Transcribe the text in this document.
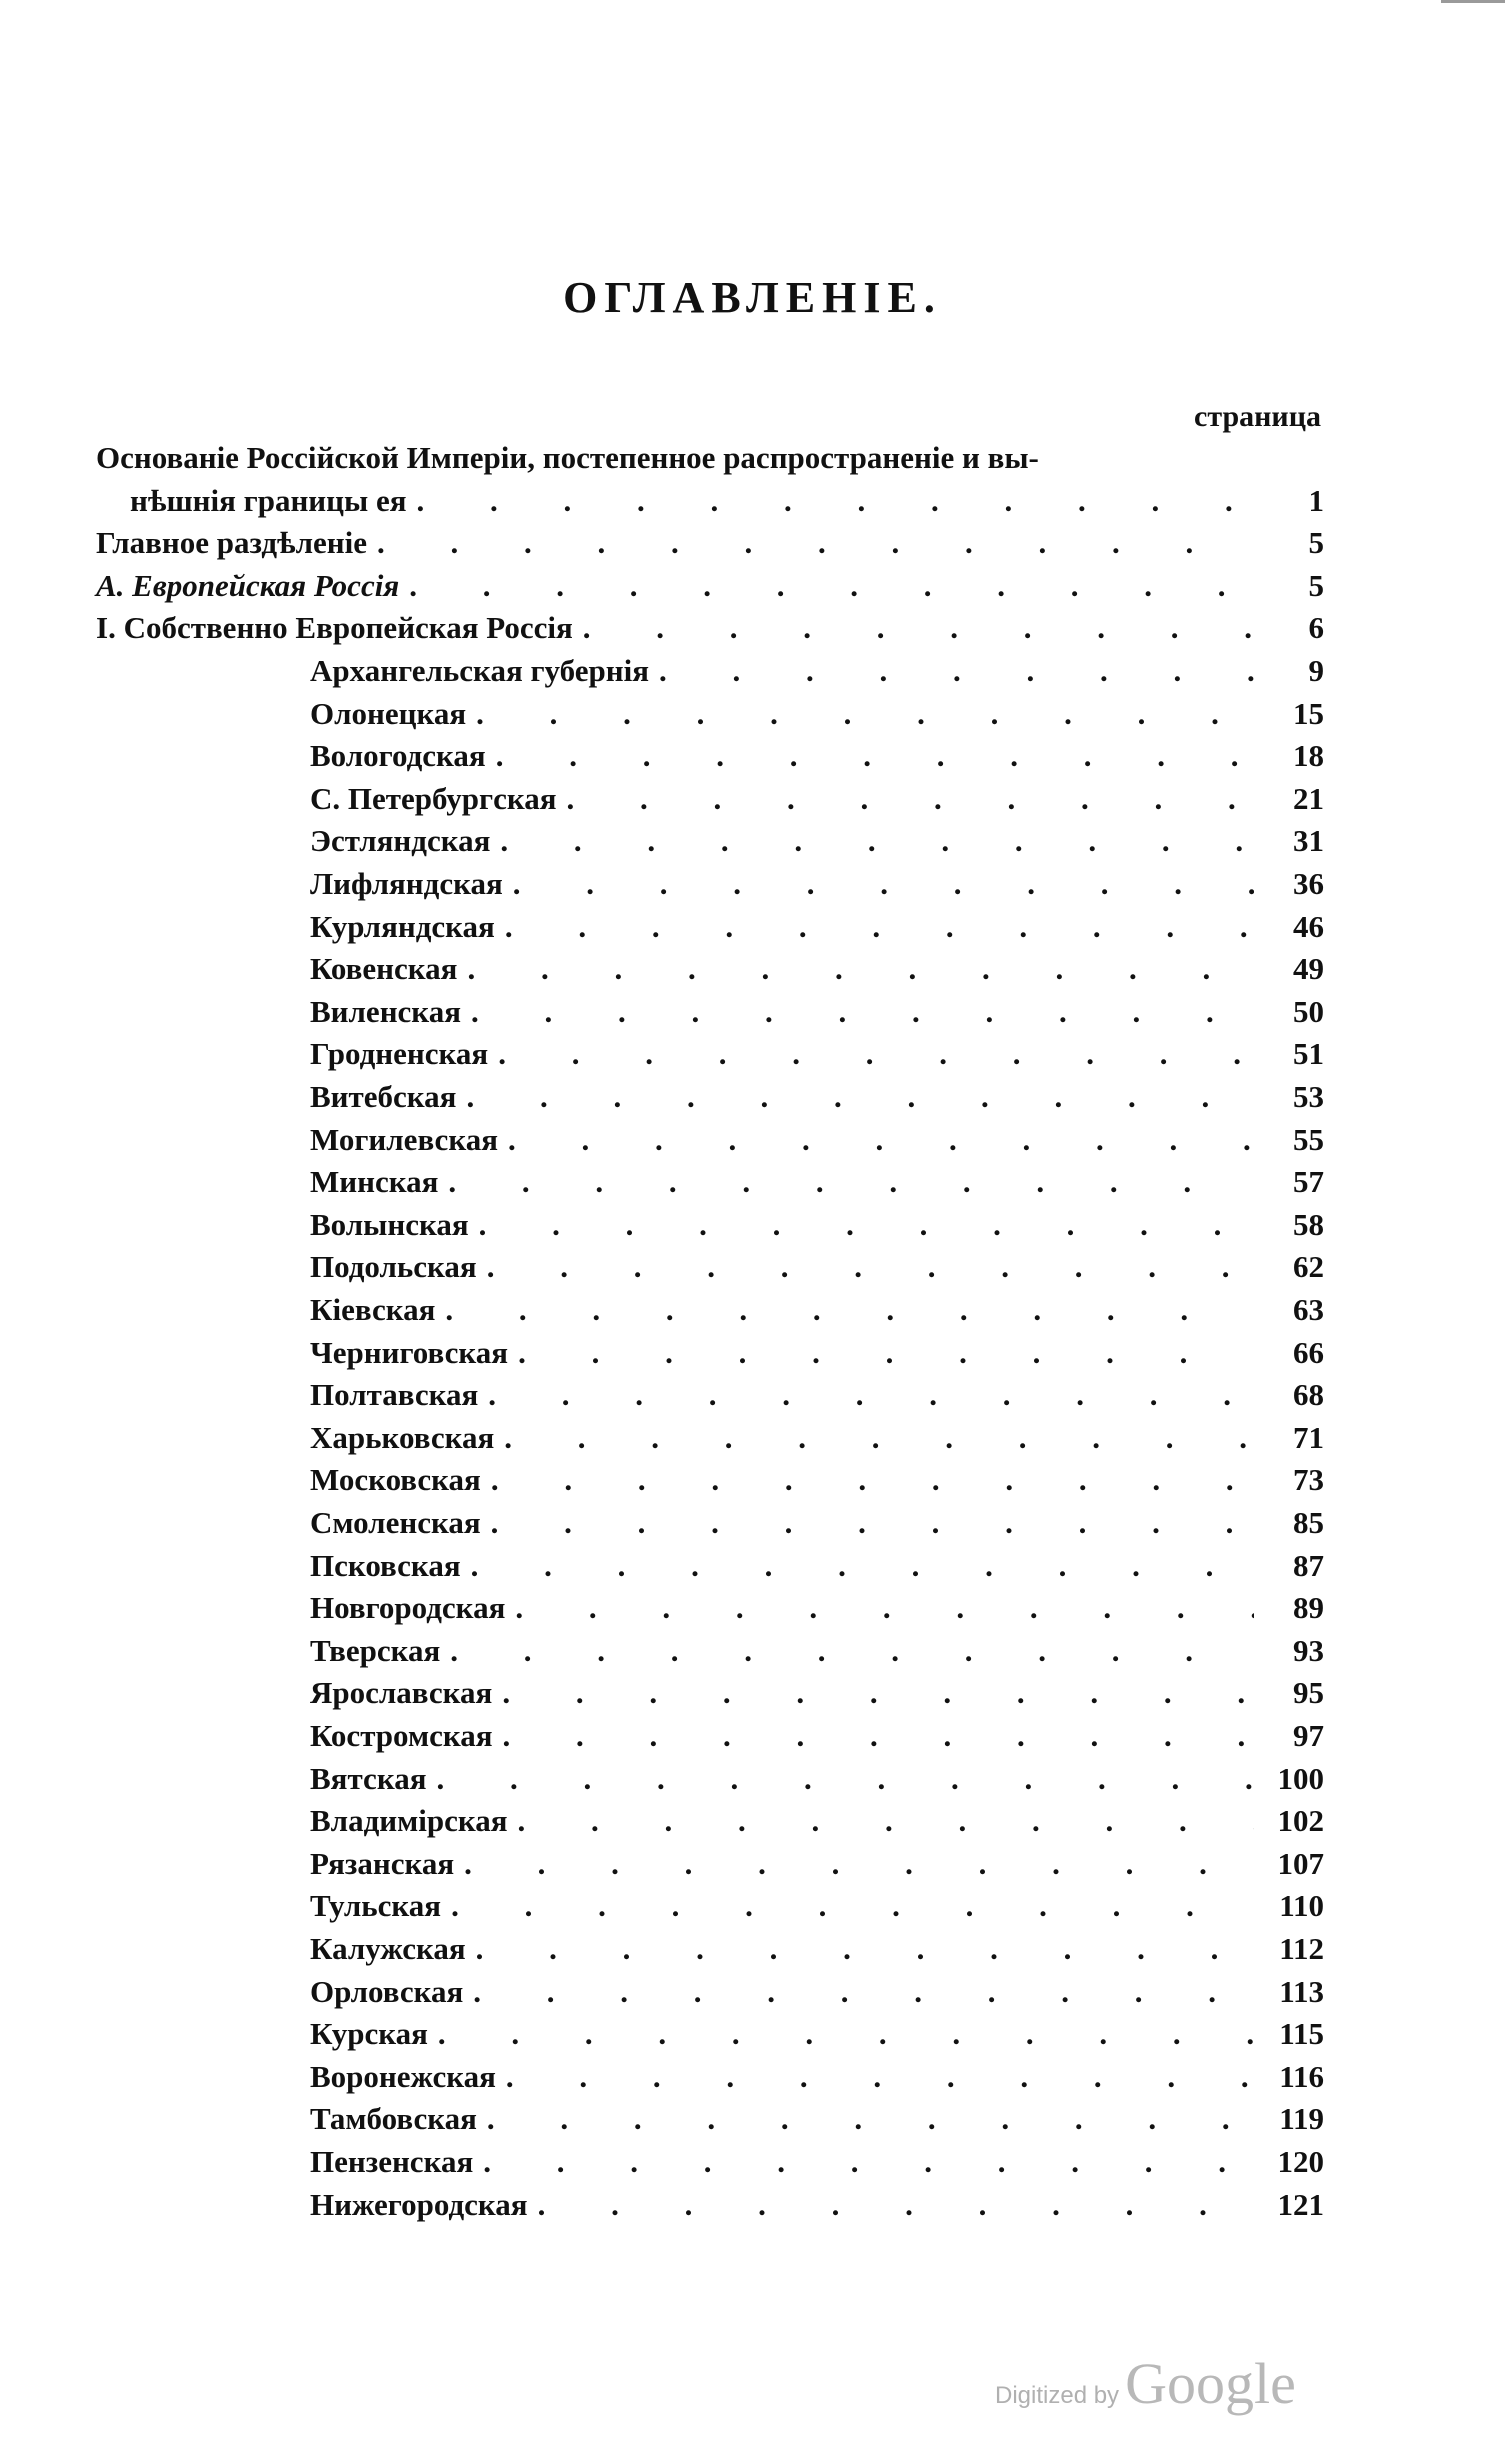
ОГЛАВЛЕНІЕ.
страница
Основаніе Россійской Имперіи, постепенное распространеніе и вы-
нѣшнія границы ея . . .	1
Главное раздѣленіе . . .	5
А. Европейская Россія . . .	5
I. Собственно Европейская Россія . . .	6
Архангельская губернія . . .	9
Олонецкая . . .	15
Вологодская . . .	18
С. Петербургская . . .	21
Эстляндская . . .	31
Лифляндская . . .	36
Курляндская . . .	46
Ковенская . . .	49
Виленская . . .	50
Гродненская . . .	51
Витебская . . .	53
Могилевская . . .	55
Минская . . .	57
Волынская . . .	58
Подольская . . .	62
Кіевская . . .	63
Черниговская . . .	66
Полтавская . . .	68
Харьковская . . .	71
Московская . . .	73
Смоленская . . .	85
Псковская . . .	87
Новгородская . . .	89
Тверская . . .	93
Ярославская . . .	95
Костромская . . .	97
Вятская . . .	100
Владимірская . . .	102
Рязанская . . .	107
Тульская . . .	110
Калужская . . .	112
Орловская . . .	113
Курская . . .	115
Воронежская . . .	116
Тамбовская . . .	119
Пензенская . . .	120
Нижегородская . . .	121
Digitized by Google
